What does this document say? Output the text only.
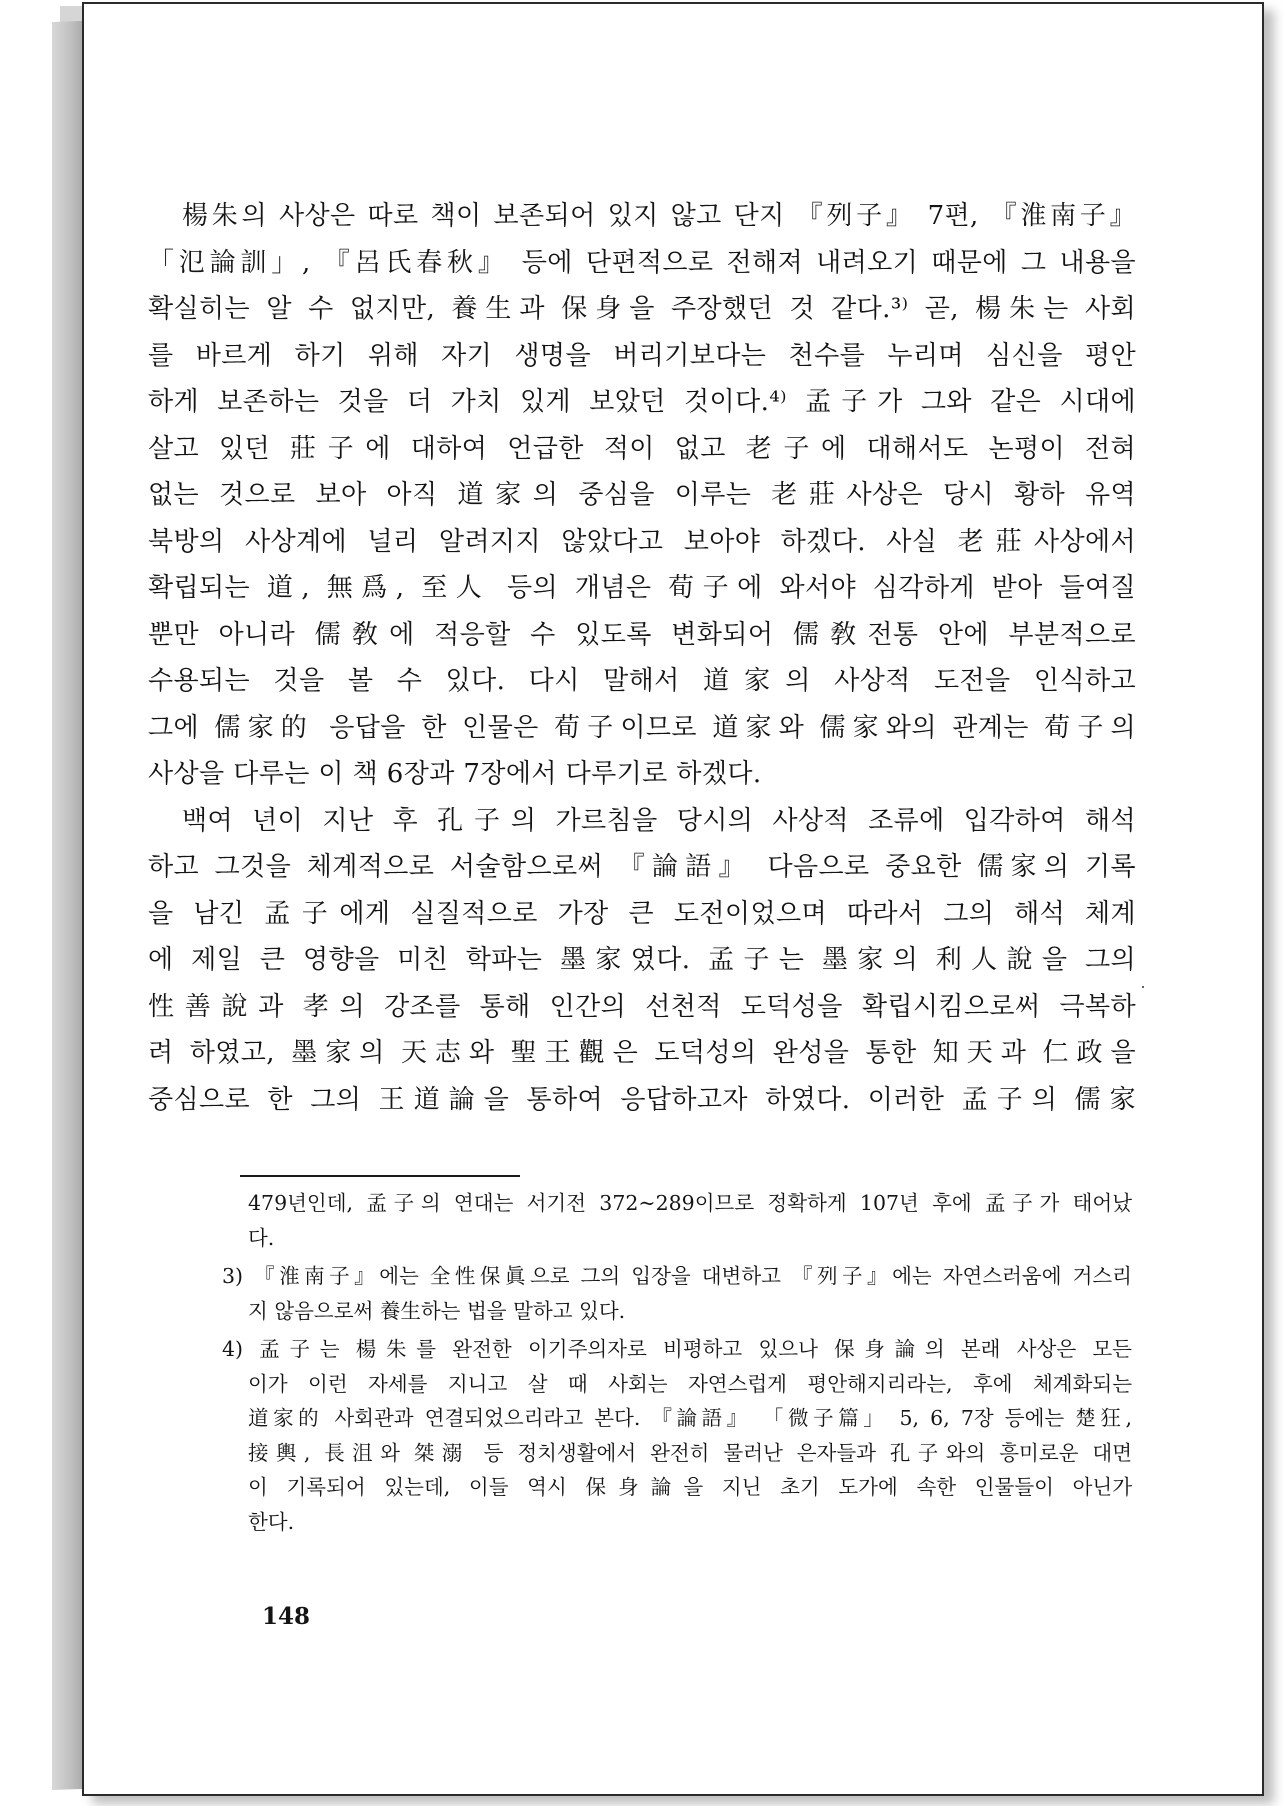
楊朱의 사상은 따로 책이 보존되어 있지 않고 단지 『列子』 7편, 『淮南子』
「氾論訓」, 『呂氏春秋』 등에 단편적으로 전해져 내려오기 때문에 그 내용을
확실히는 알 수 없지만, 養生과 保身을 주장했던 것 같다.³⁾ 곧, 楊朱는 사회
를 바르게 하기 위해 자기 생명을 버리기보다는 천수를 누리며 심신을 평안
하게 보존하는 것을 더 가치 있게 보았던 것이다.⁴⁾ 孟子가 그와 같은 시대에
살고 있던 莊子에 대하여 언급한 적이 없고 老子에 대해서도 논평이 전혀
없는 것으로 보아 아직 道家의 중심을 이루는 老莊사상은 당시 황하 유역
북방의 사상계에 널리 알려지지 않았다고 보아야 하겠다. 사실 老莊사상에서
확립되는 道, 無爲, 至人 등의 개념은 荀子에 와서야 심각하게 받아 들여질
뿐만 아니라 儒敎에 적응할 수 있도록 변화되어 儒敎전통 안에 부분적으로
수용되는 것을 볼 수 있다. 다시 말해서 道家의 사상적 도전을 인식하고
그에 儒家的 응답을 한 인물은 荀子이므로 道家와 儒家와의 관계는 荀子의
사상을 다루는 이 책 6장과 7장에서 다루기로 하겠다.
백여 년이 지난 후 孔子의 가르침을 당시의 사상적 조류에 입각하여 해석
하고 그것을 체계적으로 서술함으로써 『論語』 다음으로 중요한 儒家의 기록
을 남긴 孟子에게 실질적으로 가장 큰 도전이었으며 따라서 그의 해석 체계
에 제일 큰 영향을 미친 학파는 墨家였다. 孟子는 墨家의 利人說을 그의
性善說과 孝의 강조를 통해 인간의 선천적 도덕성을 확립시킴으로써 극복하
려 하였고, 墨家의 天志와 聖王觀은 도덕성의 완성을 통한 知天과 仁政을
중심으로 한 그의 王道論을 통하여 응답하고자 하였다. 이러한 孟子의 儒家
479년인데, 孟子의 연대는 서기전 372~289이므로 정확하게 107년 후에 孟子가 태어났
다.
3) 『淮南子』에는 全性保眞으로 그의 입장을 대변하고 『列子』에는 자연스러움에 거스리
지 않음으로써 養生하는 법을 말하고 있다.
4) 孟子는 楊朱를 완전한 이기주의자로 비평하고 있으나 保身論의 본래 사상은 모든
이가 이런 자세를 지니고 살 때 사회는 자연스럽게 평안해지리라는, 후에 체계화되는
道家的 사회관과 연결되었으리라고 본다. 『論語』 「微子篇」 5, 6, 7장 등에는 楚狂,
接輿, 長沮와 桀溺 등 정치생활에서 완전히 물러난 은자들과 孔子와의 흥미로운 대면
이 기록되어 있는데, 이들 역시 保身論을 지닌 초기 도가에 속한 인물들이 아닌가
한다.
148
